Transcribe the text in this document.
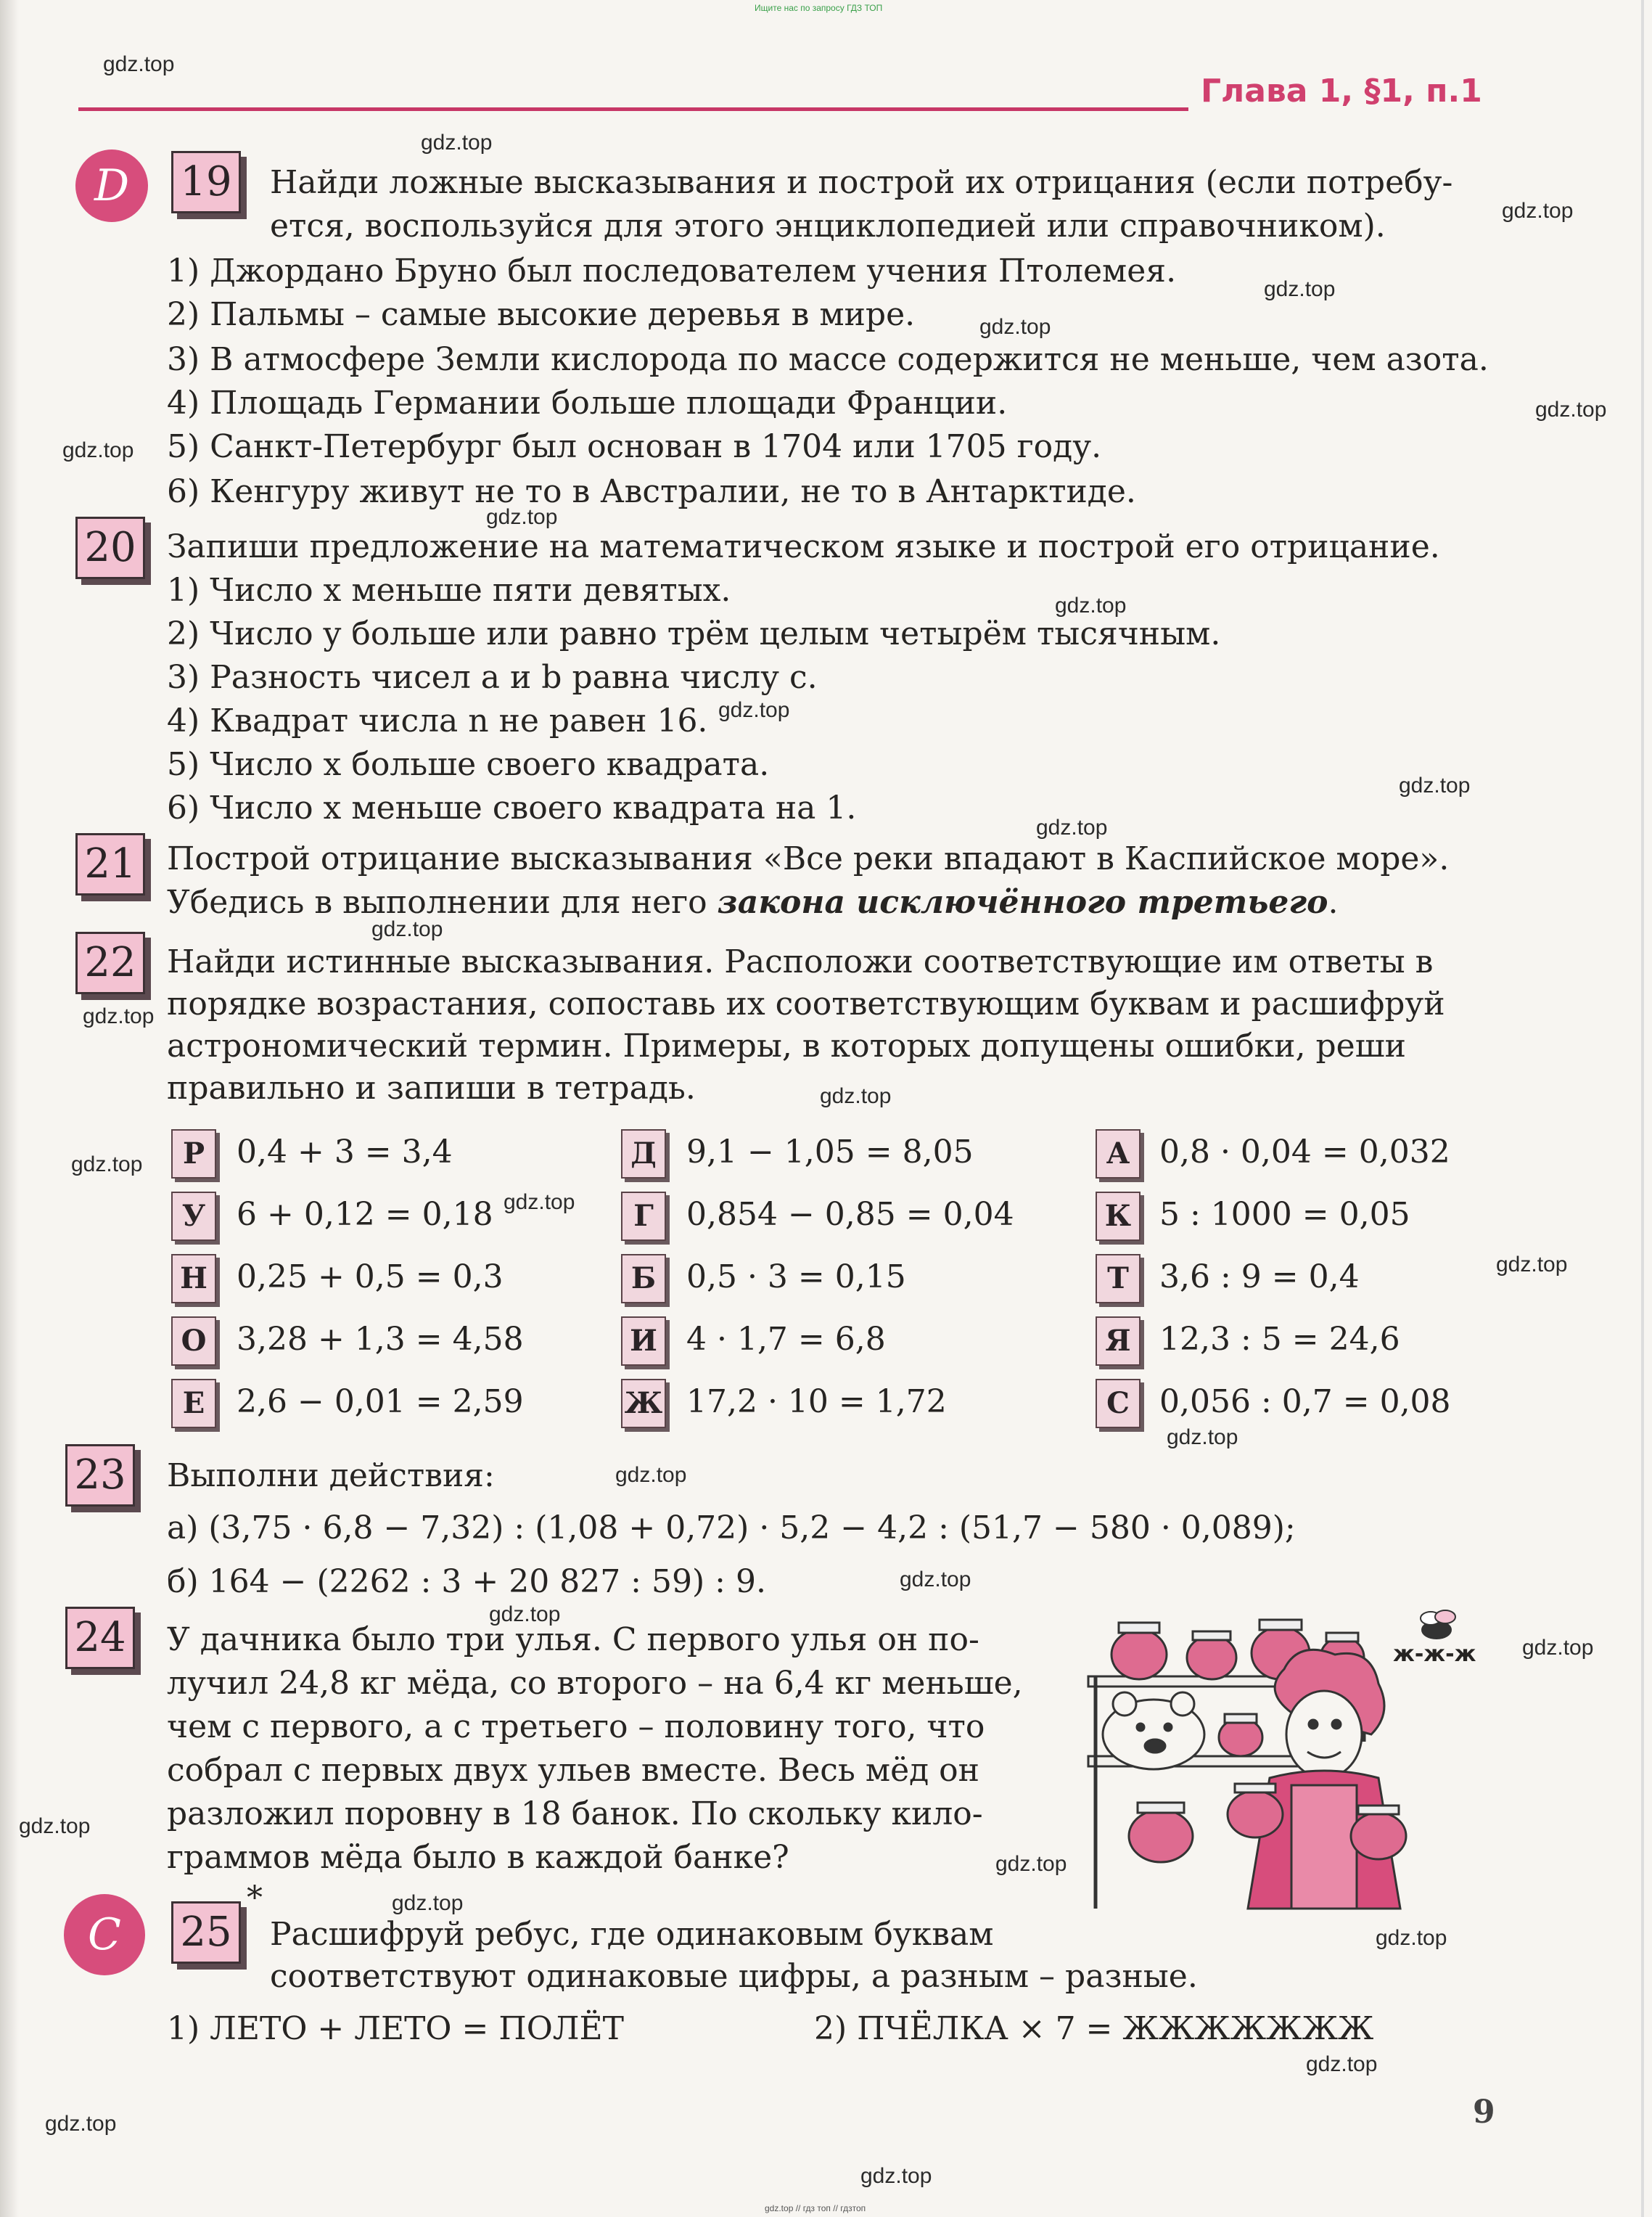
Ищите нас по запросу ГДЗ ТОП
Глава 1, §1, п.1
gdz.top
gdz.top
gdz.top
gdz.top
gdz.top
gdz.top
gdz.top
gdz.top
gdz.top
gdz.top
gdz.top
gdz.top
gdz.top
gdz.top
gdz.top
gdz.top
gdz.top
gdz.top
gdz.top
gdz.top
gdz.top
gdz.top
gdz.top
gdz.top
gdz.top
gdz.top
gdz.top
gdz.top
gdz.top
gdz.top
D	19 Найди ложные высказывания и построй их отрицания (если потребу-
ется, воспользуйся для этого энциклопедией или справочником).
1) Джордано Бруно был последователем учения Птолемея.
2) Пальмы – самые высокие деревья в мире.
3) В атмосфере Земли кислорода по массе содержится не меньше, чем азота.
4) Площадь Германии больше площади Франции.
5) Санкт-Петербург был основан в 1704 или 1705 году.
6) Кенгуру живут не то в Австралии, не то в Антарктиде.
20 Запиши предложение на математическом языке и построй его отрицание.
1) Число x меньше пяти девятых.
2) Число y больше или равно трём целым четырём тысячным.
3) Разность чисел a и b равна числу c.
4) Квадрат числа n не равен 16.
5) Число x больше своего квадрата.
6) Число x меньше своего квадрата на 1.
21 Построй отрицание высказывания «Все реки впадают в Каспийское море».
Убедись в выполнении для него закона исключённого третьего.
22 Найди истинные высказывания. Расположи соответствующие им ответы в
порядке возрастания, сопоставь их соответствующим буквам и расшифруй
астрономический термин. Примеры, в которых допущены ошибки, реши
правильно и запиши в тетрадь.
Р 0,4 + 3 = 3,4	Д 9,1 − 1,05 = 8,05	А 0,8 · 0,04 = 0,032
У 6 + 0,12 = 0,18	Г	0,854 − 0,85 = 0,04	К 5 : 1000 = 0,05
Н 0,25 + 0,5 = 0,3	Б 0,5 · 3 = 0,15	Т 3,6 : 9 = 0,4
О 3,28 + 1,3 = 4,58	И 4 · 1,7 = 6,8	Я 12,3 : 5 = 24,6
Е 2,6 − 0,01 = 2,59	Ж 17,2 · 10 = 1,72	С 0,056 : 0,7 = 0,08
23 Выполни действия:
а) (3,75 · 6,8 − 7,32) : (1,08 + 0,72) · 5,2 − 4,2 : (51,7 − 580 · 0,089);
б) 164 − (2262 : 3 + 20 827 : 59) : 9.
24 У дачника было три улья. С первого улья он по-
лучил 24,8 кг мёда, со второго – на 6,4 кг меньше,
чем с первого, а с третьего – половину того, что
собрал с первых двух ульев вместе. Весь мёд он
разложил поровну в 18 банок. По скольку кило-
граммов мёда было в каждой банке?
ж-ж-ж
C	25
*
Расшифруй ребус, где одинаковым буквам
соответствуют одинаковые цифры, а разным – разные.
1) ЛЕТО + ЛЕТО = ПОЛЁТ	2) ПЧЁЛКА × 7 = ЖЖЖЖЖЖЖ
9
gdz.top // гдз топ // гдзтоп
